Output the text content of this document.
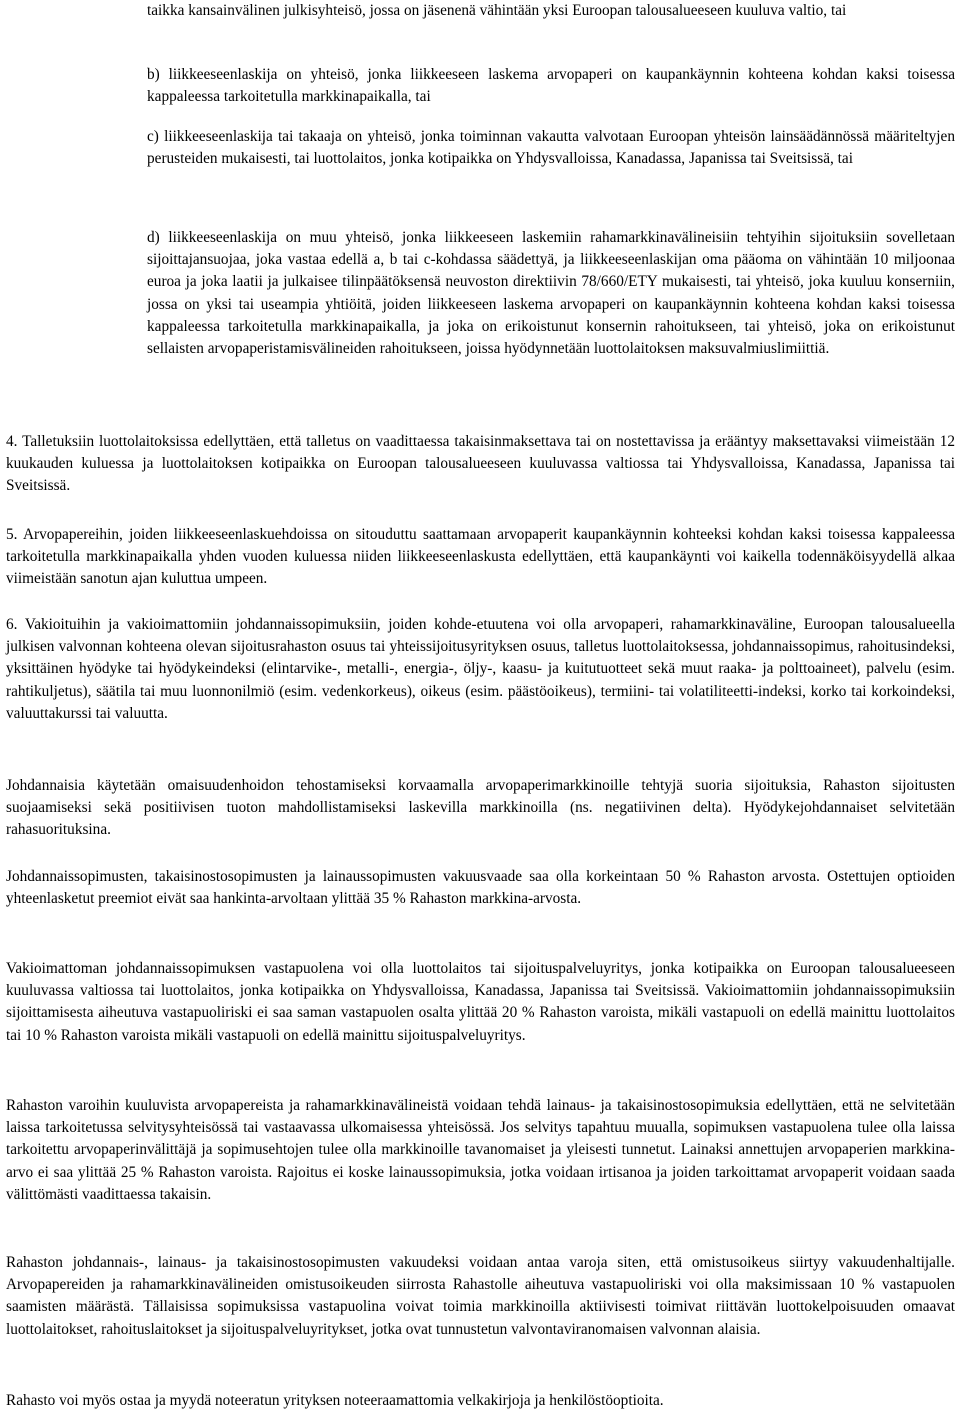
taikka kansainvälinen julkisyhteisö, jossa on jäsenenä vähintään yksi Euroopan talousalueeseen kuuluva valtio, tai

b) liikkeeseenlaskija on yhteisö, jonka liikkeeseen laskema arvopaperi on kaupankäynnin kohteena kohdan kaksi toisessa kappaleessa tarkoitetulla markkinapaikalla, tai

c) liikkeeseenlaskija tai takaaja on yhteisö, jonka toiminnan vakautta valvotaan Euroopan yhteisön lainsäädännössä määriteltyjen perusteiden mukaisesti, tai luottolaitos, jonka kotipaikka on Yhdysvalloissa, Kanadassa, Japanissa tai Sveitsissä, tai

d) liikkeeseenlaskija on muu yhteisö, jonka liikkeeseen laskemiin rahamarkkinavälineisiin tehtyihin sijoituksiin sovelletaan sijoittajansuojaa, joka vastaa edellä a, b tai c-kohdassa säädettyä, ja liikkeeseenlaskijan oma pääoma on vähintään 10 miljoonaa euroa ja joka laatii ja julkaisee tilinpäätöksensä neuvoston direktiivin 78/660/ETY mukaisesti, tai yhteisö, joka kuuluu konserniin, jossa on yksi tai useampia yhtiöitä, joiden liikkeeseen laskema arvopaperi on kaupankäynnin kohteena kohdan kaksi toisessa kappaleessa tarkoitetulla markkinapaikalla, ja joka on erikoistunut konsernin rahoitukseen, tai yhteisö, joka on erikoistunut sellaisten arvopaperistamisvälineiden rahoitukseen, joissa hyödynnetään luottolaitoksen maksuvalmiuslimiittiä.

4. Talletuksiin luottolaitoksissa edellyttäen, että talletus on vaadittaessa takaisinmaksettava tai on nostettavissa ja erääntyy maksettavaksi viimeistään 12 kuukauden kuluessa ja luottolaitoksen kotipaikka on Euroopan talousalueeseen kuuluvassa valtiossa tai Yhdysvalloissa, Kanadassa, Japanissa tai Sveitsissä.

5. Arvopapereihin, joiden liikkeeseenlaskuehdoissa on sitouduttu saattamaan arvopaperit kaupankäynnin kohteeksi kohdan kaksi toisessa kappaleessa tarkoitetulla markkinapaikalla yhden vuoden kuluessa niiden liikkeeseenlaskusta edellyttäen, että kaupankäynti voi kaikella todennäköisyydellä alkaa viimeistään sanotun ajan kuluttua umpeen.

6. Vakioituihin ja vakioimattomiin johdannaissopimuksiin, joiden kohde-etuutena voi olla arvopaperi, rahamarkkinaväline, Euroopan talousalueella julkisen valvonnan kohteena olevan sijoitusrahaston osuus tai yhteissijoitusyrityksen osuus, talletus luottolaitoksessa, johdannaissopimus, rahoitusindeksi, yksittäinen hyödyke tai hyödykeindeksi (elintarvike-, metalli-, energia-, öljy-, kaasu- ja kuitutuotteet sekä muut raaka- ja polttoaineet), palvelu (esim. rahtikuljetus), säätila tai muu luonnonilmiö (esim. vedenkorkeus), oikeus (esim. päästöoikeus), termiini- tai volatiliteetti-indeksi, korko tai korkoindeksi, valuuttakurssi tai valuutta.

Johdannaisia käytetään omaisuudenhoidon tehostamiseksi korvaamalla arvopaperimarkkinoille tehtyjä suoria sijoituksia, Rahaston sijoitusten suojaamiseksi sekä positiivisen tuoton mahdollistamiseksi laskevilla markkinoilla (ns. negatiivinen delta). Hyödykejohdannaiset selvitetään rahasuorituksina.

Johdannaissopimusten, takaisinostosopimusten ja lainaussopimusten vakuusvaade saa olla korkeintaan 50 % Rahaston arvosta. Ostettujen optioiden yhteenlasketut preemiot eivät saa hankinta-arvoltaan ylittää 35 % Rahaston markkina-arvosta.

Vakioimattoman johdannaissopimuksen vastapuolena voi olla luottolaitos tai sijoituspalveluyritys, jonka kotipaikka on Euroopan talousalueeseen kuuluvassa valtiossa tai luottolaitos, jonka kotipaikka on Yhdysvalloissa, Kanadassa, Japanissa tai Sveitsissä. Vakioimattomiin johdannaissopimuksiin sijoittamisesta aiheutuva vastapuoliriski ei saa saman vastapuolen osalta ylittää 20 % Rahaston varoista, mikäli vastapuoli on edellä mainittu luottolaitos tai 10 % Rahaston varoista mikäli vastapuoli on edellä mainittu sijoituspalveluyritys.

Rahaston varoihin kuuluvista arvopapereista ja rahamarkkinavälineistä voidaan tehdä lainaus- ja takaisinostosopimuksia edellyttäen, että ne selvitetään laissa tarkoitetussa selvitysyhteisössä tai vastaavassa ulkomaisessa yhteisössä. Jos selvitys tapahtuu muualla, sopimuksen vastapuolena tulee olla laissa tarkoitettu arvopaperinvälittäjä ja sopimusehtojen tulee olla markkinoille tavanomaiset ja yleisesti tunnetut. Lainaksi annettujen arvopaperien markkina-arvo ei saa ylittää 25 % Rahaston varoista. Rajoitus ei koske lainaussopimuksia, jotka voidaan irtisanoa ja joiden tarkoittamat arvopaperit voidaan saada välittömästi vaadittaessa takaisin.

Rahaston johdannais-, lainaus- ja takaisinostosopimusten vakuudeksi voidaan antaa varoja siten, että omistusoikeus siirtyy vakuudenhaltijalle. Arvopapereiden ja rahamarkkinavälineiden omistusoikeuden siirrosta Rahastolle aiheutuva vastapuoliriski voi olla maksimissaan 10 % vastapuolen saamisten määrästä. Tällaisissa sopimuksissa vastapuolina voivat toimia markkinoilla aktiivisesti toimivat riittävän luottokelpoisuuden omaavat luottolaitokset, rahoituslaitokset ja sijoituspalveluyritykset, jotka ovat tunnustetun valvontaviranomaisen valvonnan alaisia.

Rahasto voi myös ostaa ja myydä noteeratun yrityksen noteeraamattomia velkakirjoja ja henkilöstöoptioita.
